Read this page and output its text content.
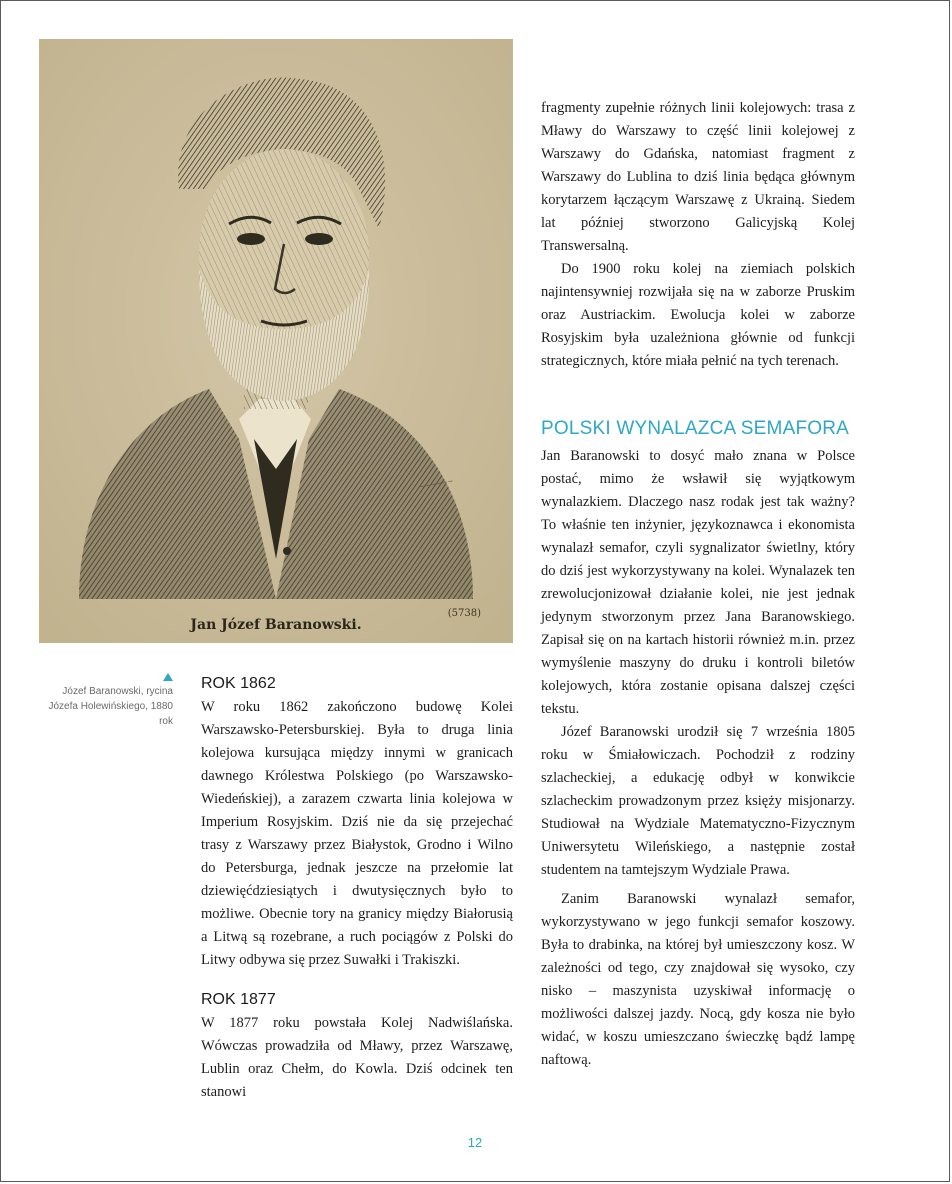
~~~~~~
Jan Józef Baranowski.
(5738)
Józef Baranowski, rycina Józefa Holewińskiego, 1880 rok
ROK 1862

W roku 1862 zakończono budowę Kolei Warszawsko-Petersburskiej. Była to druga linia kolejowa kursująca między innymi w granicach dawnego Królestwa Polskiego (po Warszawsko-Wiedeńskiej), a zarazem czwarta linia kolejowa w Imperium Rosyjskim. Dziś nie da się przejechać trasy z Warszawy przez Białystok, Grodno i Wilno do Petersburga, jednak jeszcze na przełomie lat dziewięćdziesiątych i dwutysięcznych było to możliwe. Obecnie tory na granicy między Białorusią a Litwą są rozebrane, a ruch pociągów z Polski do Litwy odbywa się przez Suwałki i Trakiszki.

ROK 1877

W 1877 roku powstała Kolej Nadwiślańska. Wówczas prowadziła od Mławy, przez Warszawę, Lublin oraz Chełm, do Kowla. Dziś odcinek ten stanowi

fragmenty zupełnie różnych linii kolejowych: trasa z Mławy do Warszawy to część linii kolejowej z Warszawy do Gdańska, natomiast fragment z Warszawy do Lublina to dziś linia będąca głównym korytarzem łączącym Warszawę z Ukrainą. Siedem lat później stworzono Galicyjską Kolej Transwersalną.

Do 1900 roku kolej na ziemiach polskich najintensywniej rozwijała się na w zaborze Pruskim oraz Austriackim. Ewolucja kolei w zaborze Rosyjskim była uzależniona głównie od funkcji strategicznych, które miała pełnić na tych terenach.

POLSKI WYNALAZCA SEMAFORA

Jan Baranowski to dosyć mało znana w Polsce postać, mimo że wsławił się wyjątkowym wynalazkiem. Dlaczego nasz rodak jest tak ważny? To właśnie ten inżynier, językoznawca i ekonomista wynalazł semafor, czyli sygnalizator świetlny, który do dziś jest wykorzystywany na kolei. Wynalazek ten zrewolucjonizował działanie kolei, nie jest jednak jedynym stworzonym przez Jana Baranowskiego. Zapisał się on na kartach historii również m.in. przez wymyślenie maszyny do druku i kontroli biletów kolejowych, która zostanie opisana dalszej części tekstu.

Józef Baranowski urodził się 7 września 1805 roku w Śmiałowiczach. Pochodził z rodziny szlacheckiej, a edukację odbył w konwikcie szlacheckim prowadzonym przez księży misjonarzy. Studiował na Wydziale Matematyczno-Fizycznym Uniwersytetu Wileńskiego, a następnie został studentem na tamtejszym Wydziale Prawa.

Zanim Baranowski wynalazł semafor, wykorzystywano w jego funkcji semafor koszowy. Była to drabinka, na której był umieszczony kosz. W zależności od tego, czy znajdował się wysoko, czy nisko – maszynista uzyskiwał informację o możliwości dalszej jazdy. Nocą, gdy kosza nie było widać, w koszu umieszczano świeczkę bądź lampę naftową.

12
